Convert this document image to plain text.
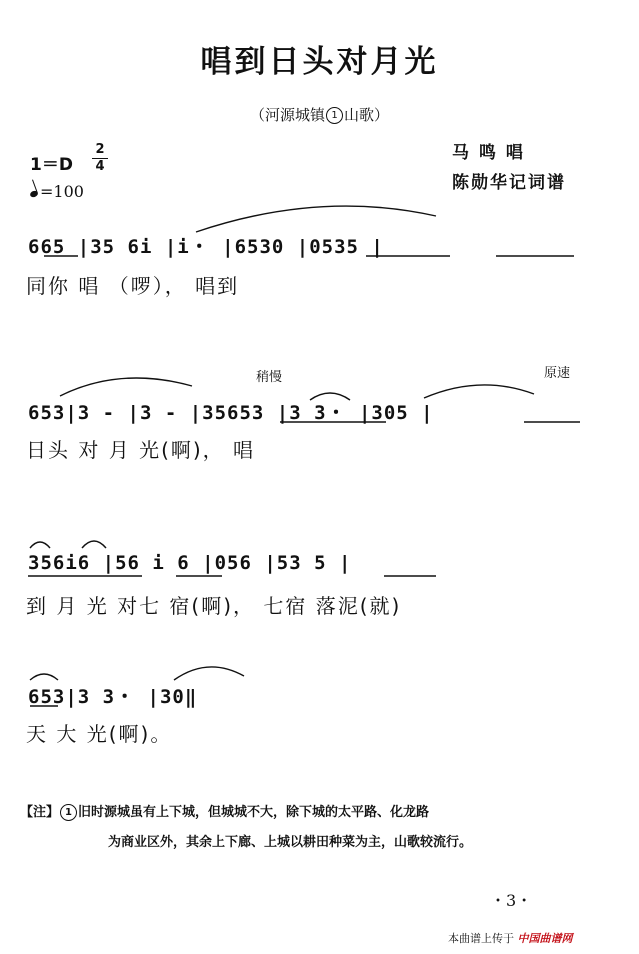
唱到日头对月光
（河源城镇 1 山歌）
1＝D
2
4
=100
马 鸣 唱
陈勋华记词谱
665 |35 6i |i・ |6530 |0535 |
同你 唱 （啰）， 唱到
稍慢	原速
653|3 - |3 - |35653 |3 3・ |305 |
日头 对 月 光(啊)， 唱
356i6 |56 i 6 |056 |53 5 |
到 月 光 对七 宿(啊)， 七宿 落泥(就)
653|3 3・ |30‖
天 大 光(啊)。
【注】 1 旧时源城虽有上下城，但城城不大，除下城的太平路、化龙路
为商业区外，其余上下廊、上城以耕田种菜为主，山歌较流行。
・3・
本曲谱上传于 中国曲谱网
